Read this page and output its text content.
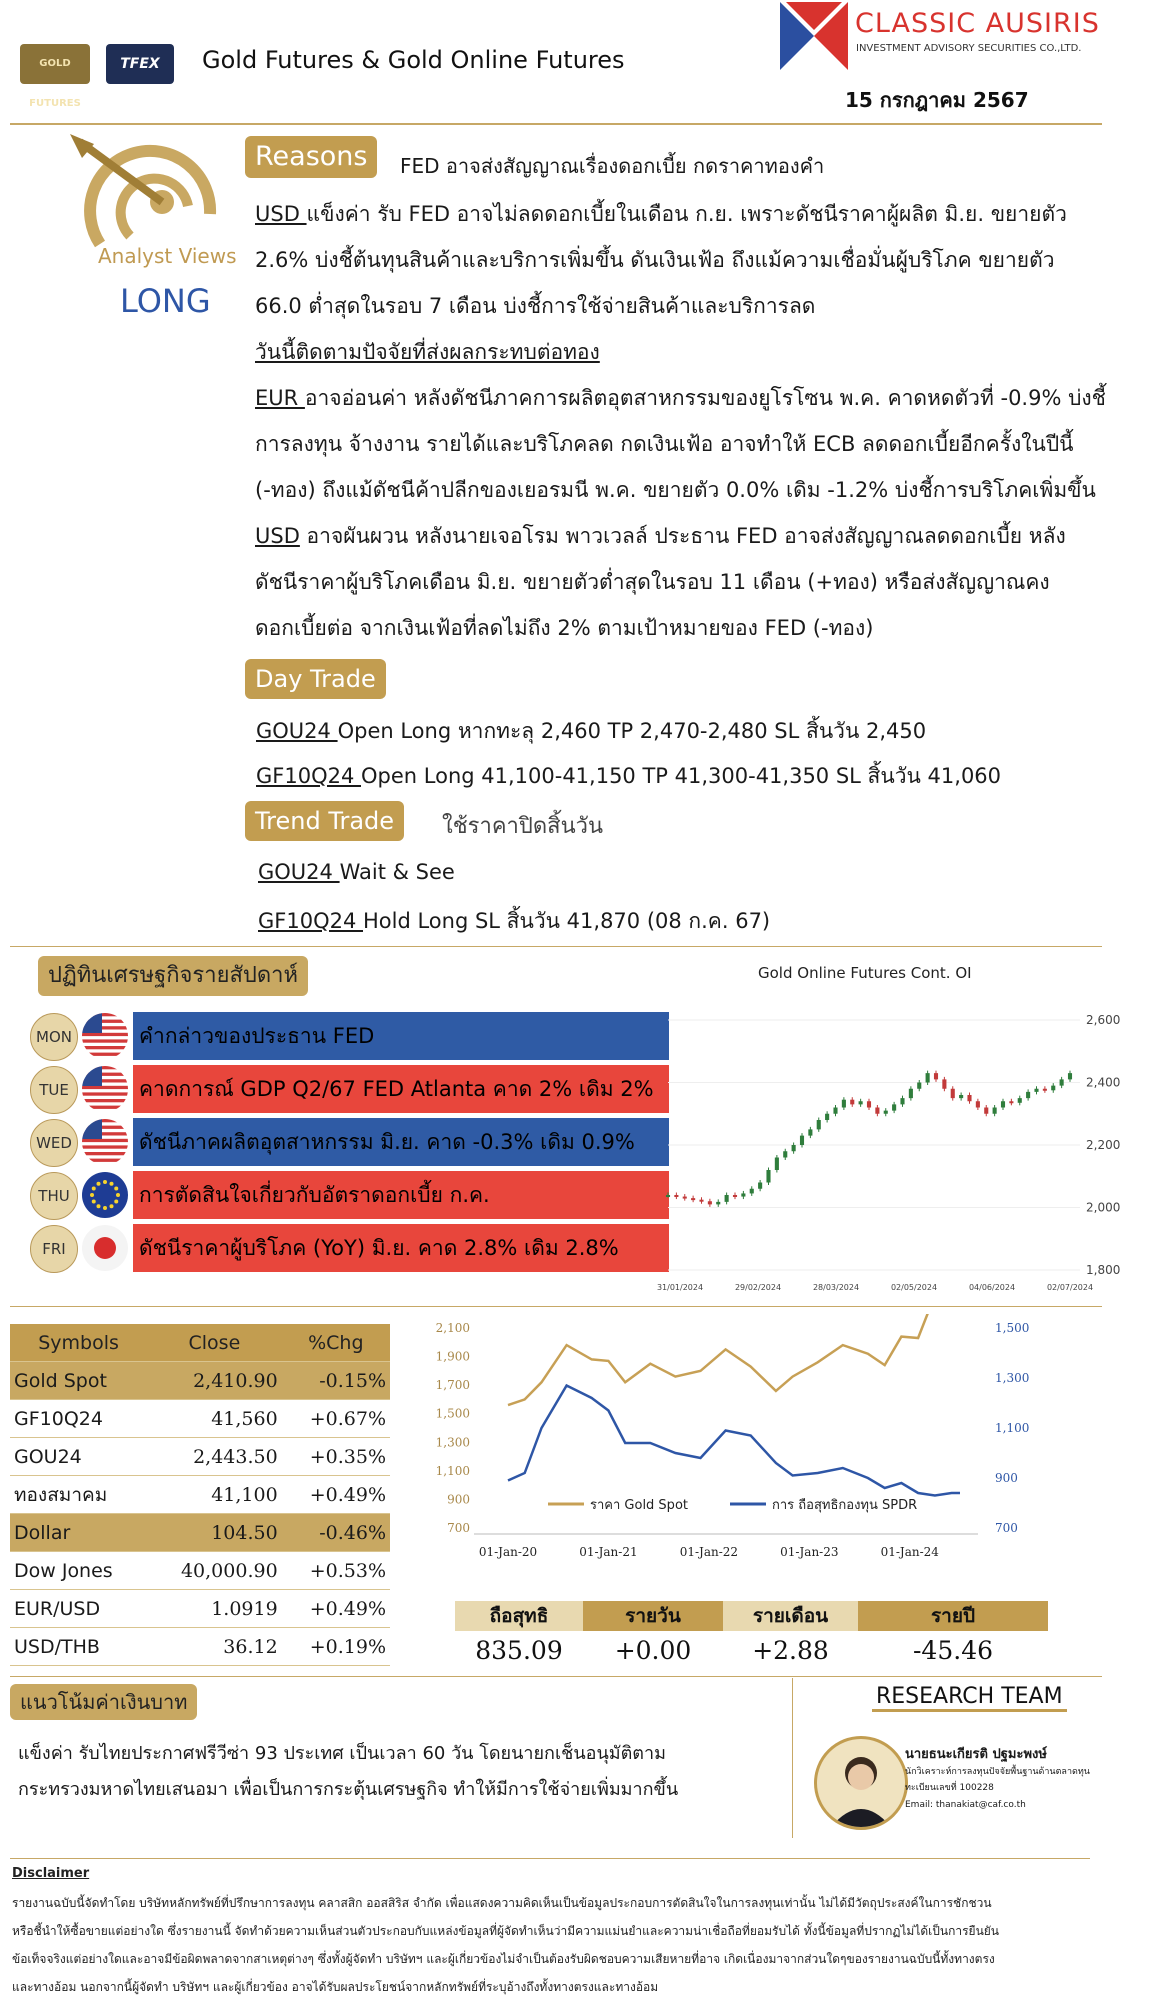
GOLD FUTURES
TFEX	Gold Futures & Gold Online Futures
CLASSIC AUSIRIS
INVESTMENT ADVISORY SECURITIES CO.,LTD.
15 กรกฎาคม 2567
Analyst Views
LONG
Reasons	FED อาจส่งสัญญาณเรื่องดอกเบี้ย กดราคาทองคำ
USD แข็งค่า รับ FED อาจไม่ลดดอกเบี้ยในเดือน ก.ย. เพราะดัชนีราคาผู้ผลิต มิ.ย. ขยายตัว
2.6% บ่งชี้ต้นทุนสินค้าและบริการเพิ่มขึ้น ดันเงินเฟ้อ ถึงแม้ความเชื่อมั่นผู้บริโภค ขยายตัว
66.0 ต่ำสุดในรอบ 7 เดือน บ่งชี้การใช้จ่ายสินค้าและบริการลด
วันนี้ติดตามปัจจัยที่ส่งผลกระทบต่อทอง
EUR อาจอ่อนค่า หลังดัชนีภาคการผลิตอุตสาหกรรมของยูโรโซน พ.ค. คาดหดตัวที่ -0.9% บ่งชี้
การลงทุน จ้างงาน รายได้และบริโภคลด กดเงินเฟ้อ อาจทำให้ ECB ลดดอกเบี้ยอีกครั้งในปีนี้
(-ทอง) ถึงแม้ดัชนีค้าปลีกของเยอรมนี พ.ค. ขยายตัว 0.0% เดิม -1.2% บ่งชี้การบริโภคเพิ่มขึ้น
USD อาจผันผวน หลังนายเจอโรม พาวเวลล์ ประธาน FED อาจส่งสัญญาณลดดอกเบี้ย หลัง
ดัชนีราคาผู้บริโภคเดือน มิ.ย. ขยายตัวต่ำสุดในรอบ 11 เดือน (+ทอง) หรือส่งสัญญาณคง
ดอกเบี้ยต่อ จากเงินเฟ้อที่ลดไม่ถึง 2% ตามเป้าหมายของ FED (-ทอง)
Day Trade
GOU24 Open Long หากทะลุ 2,460 TP 2,470-2,480 SL สิ้นวัน 2,450
GF10Q24 Open Long 41,100-41,150 TP 41,300-41,350 SL สิ้นวัน 41,060
Trend Trade	ใช้ราคาปิดสิ้นวัน
GOU24 Wait & See
GF10Q24 Hold Long SL สิ้นวัน 41,870 (08 ก.ค. 67)
ปฏิทินเศรษฐกิจรายสัปดาห์
MON	คำกล่าวของประธาน FED
TUE	คาดการณ์ GDP Q2/67 FED Atlanta คาด 2% เดิม 2%
WED	ดัชนีภาคผลิตอุตสาหกรรม มิ.ย. คาด -0.3% เดิม 0.9%
THU	การตัดสินใจเกี่ยวกับอัตราดอกเบี้ย ก.ค.
FRI	ดัชนีราคาผู้บริโภค (YoY) มิ.ย. คาด 2.8% เดิม 2.8%
Gold Online Futures Cont. OI
1,800
2,000
2,200
2,400
2,600
31/01/2024	29/02/2024	28/03/2024	02/05/2024	04/06/2024	02/07/2024
Symbols	Close	%Chg
Gold Spot	2,410.90	-0.15%
GF10Q24	41,560	+0.67%
GOU24	2,443.50	+0.35%
ทองสมาคม	41,100	+0.49%
Dollar	104.50	-0.46%
Dow Jones	40,000.90	+0.53%
EUR/USD	1.0919	+0.49%
USD/THB	36.12	+0.19%
700
900
1,100
1,300
1,500
1,700
1,900
2,100
700
900
1,100
1,300
1,500
ราคา Gold Spot	การ ถือสุทธิกองทุน SPDR
01-Jan-20	01-Jan-21	01-Jan-22	01-Jan-23	01-Jan-24
ถือสุทธิ
835.09
รายวัน
+0.00
รายเดือน
+2.88
รายปี
-45.46
แนวโน้มค่าเงินบาท
แข็งค่า รับไทยประกาศฟรีวีซ่า 93 ประเทศ เป็นเวลา 60 วัน โดยนายกเช็นอนุมัติตาม
กระทรวงมหาดไทยเสนอมา เพื่อเป็นการกระตุ้นเศรษฐกิจ ทำให้มีการใช้จ่ายเพิ่มมากขึ้น
RESEARCH TEAM
นายธนะเกียรติ ปฐมะพงษ์
นักวิเคราะห์การลงทุนปัจจัยพื้นฐานด้านตลาดทุน
ทะเบียนเลขที่ 100228
Email: thanakiat@caf.co.th
Disclaimer
รายงานฉบับนี้จัดทำโดย บริษัทหลักทรัพย์ที่ปรึกษาการลงทุน คลาสสิก ออสสิริส จำกัด เพื่อแสดงความคิดเห็นเป็นข้อมูลประกอบการตัดสินใจในการลงทุนเท่านั้น ไม่ได้มีวัตถุประสงค์ในการชักชวน
หรือชี้นำให้ซื้อขายแต่อย่างใด ซึ่งรายงานนี้ จัดทำด้วยความเห็นส่วนตัวประกอบกับแหล่งข้อมูลที่ผู้จัดทำเห็นว่ามีความแม่นยำและความน่าเชื่อถือที่ยอมรับได้ ทั้งนี้ข้อมูลที่ปรากฏไม่ได้เป็นการยืนยัน
ข้อเท็จจริงแต่อย่างใดและอาจมีข้อผิดพลาดจากสาเหตุต่างๆ ซึ่งทั้งผู้จัดทำ บริษัทฯ และผู้เกี่ยวข้องไม่จำเป็นต้องรับผิดชอบความเสียหายที่อาจ เกิดเนื่องมาจากส่วนใดๆของรายงานฉบับนี้ทั้งทางตรง
และทางอ้อม นอกจากนี้ผู้จัดทำ บริษัทฯ และผู้เกี่ยวข้อง อาจได้รับผลประโยชน์จากหลักทรัพย์ที่ระบุอ้างถึงทั้งทางตรงและทางอ้อม
